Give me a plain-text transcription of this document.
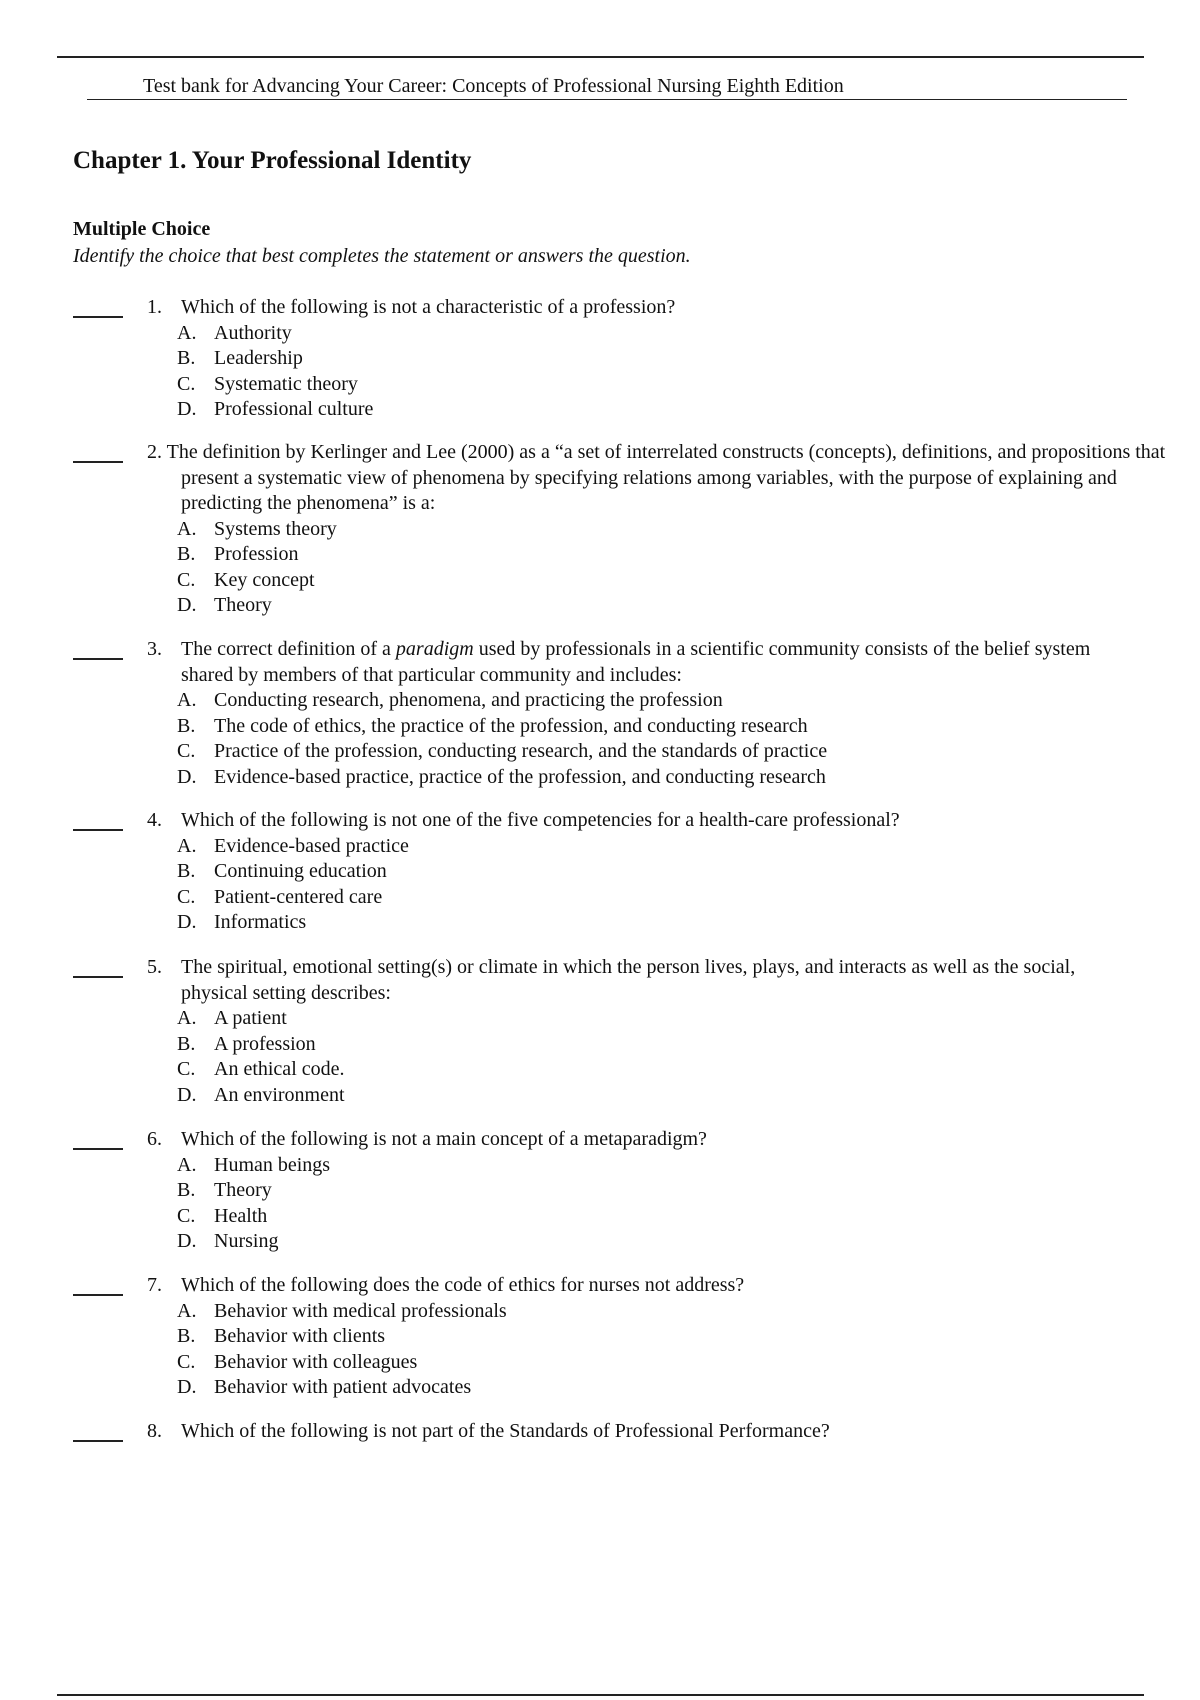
Test bank for Advancing Your Career: Concepts of Professional Nursing Eighth Edition
Chapter 1. Your Professional Identity
Multiple Choice
Identify the choice that best completes the statement or answers the question.
1. Which of the following is not a characteristic of a profession?
A. Authority
B. Leadership
C. Systematic theory
D. Professional culture
2. The definition by Kerlinger and Lee (2000) as a “a set of interrelated constructs (concepts), definitions, and propositions that present a systematic view of phenomena by specifying relations among variables, with the purpose of explaining and predicting the phenomena” is a:
A. Systems theory
B. Profession
C. Key concept
D. Theory
3. The correct definition of a paradigm used by professionals in a scientific community consists of the belief system shared by members of that particular community and includes:
A. Conducting research, phenomena, and practicing the profession
B. The code of ethics, the practice of the profession, and conducting research
C. Practice of the profession, conducting research, and the standards of practice
D. Evidence-based practice, practice of the profession, and conducting research
4. Which of the following is not one of the five competencies for a health-care professional?
A. Evidence-based practice
B. Continuing education
C. Patient-centered care
D. Informatics
5. The spiritual, emotional setting(s) or climate in which the person lives, plays, and interacts as well as the social, physical setting describes:
A. A patient
B. A profession
C. An ethical code.
D. An environment
6. Which of the following is not a main concept of a metaparadigm?
A. Human beings
B. Theory
C. Health
D. Nursing
7. Which of the following does the code of ethics for nurses not address?
A. Behavior with medical professionals
B. Behavior with clients
C. Behavior with colleagues
D. Behavior with patient advocates
8. Which of the following is not part of the Standards of Professional Performance?
